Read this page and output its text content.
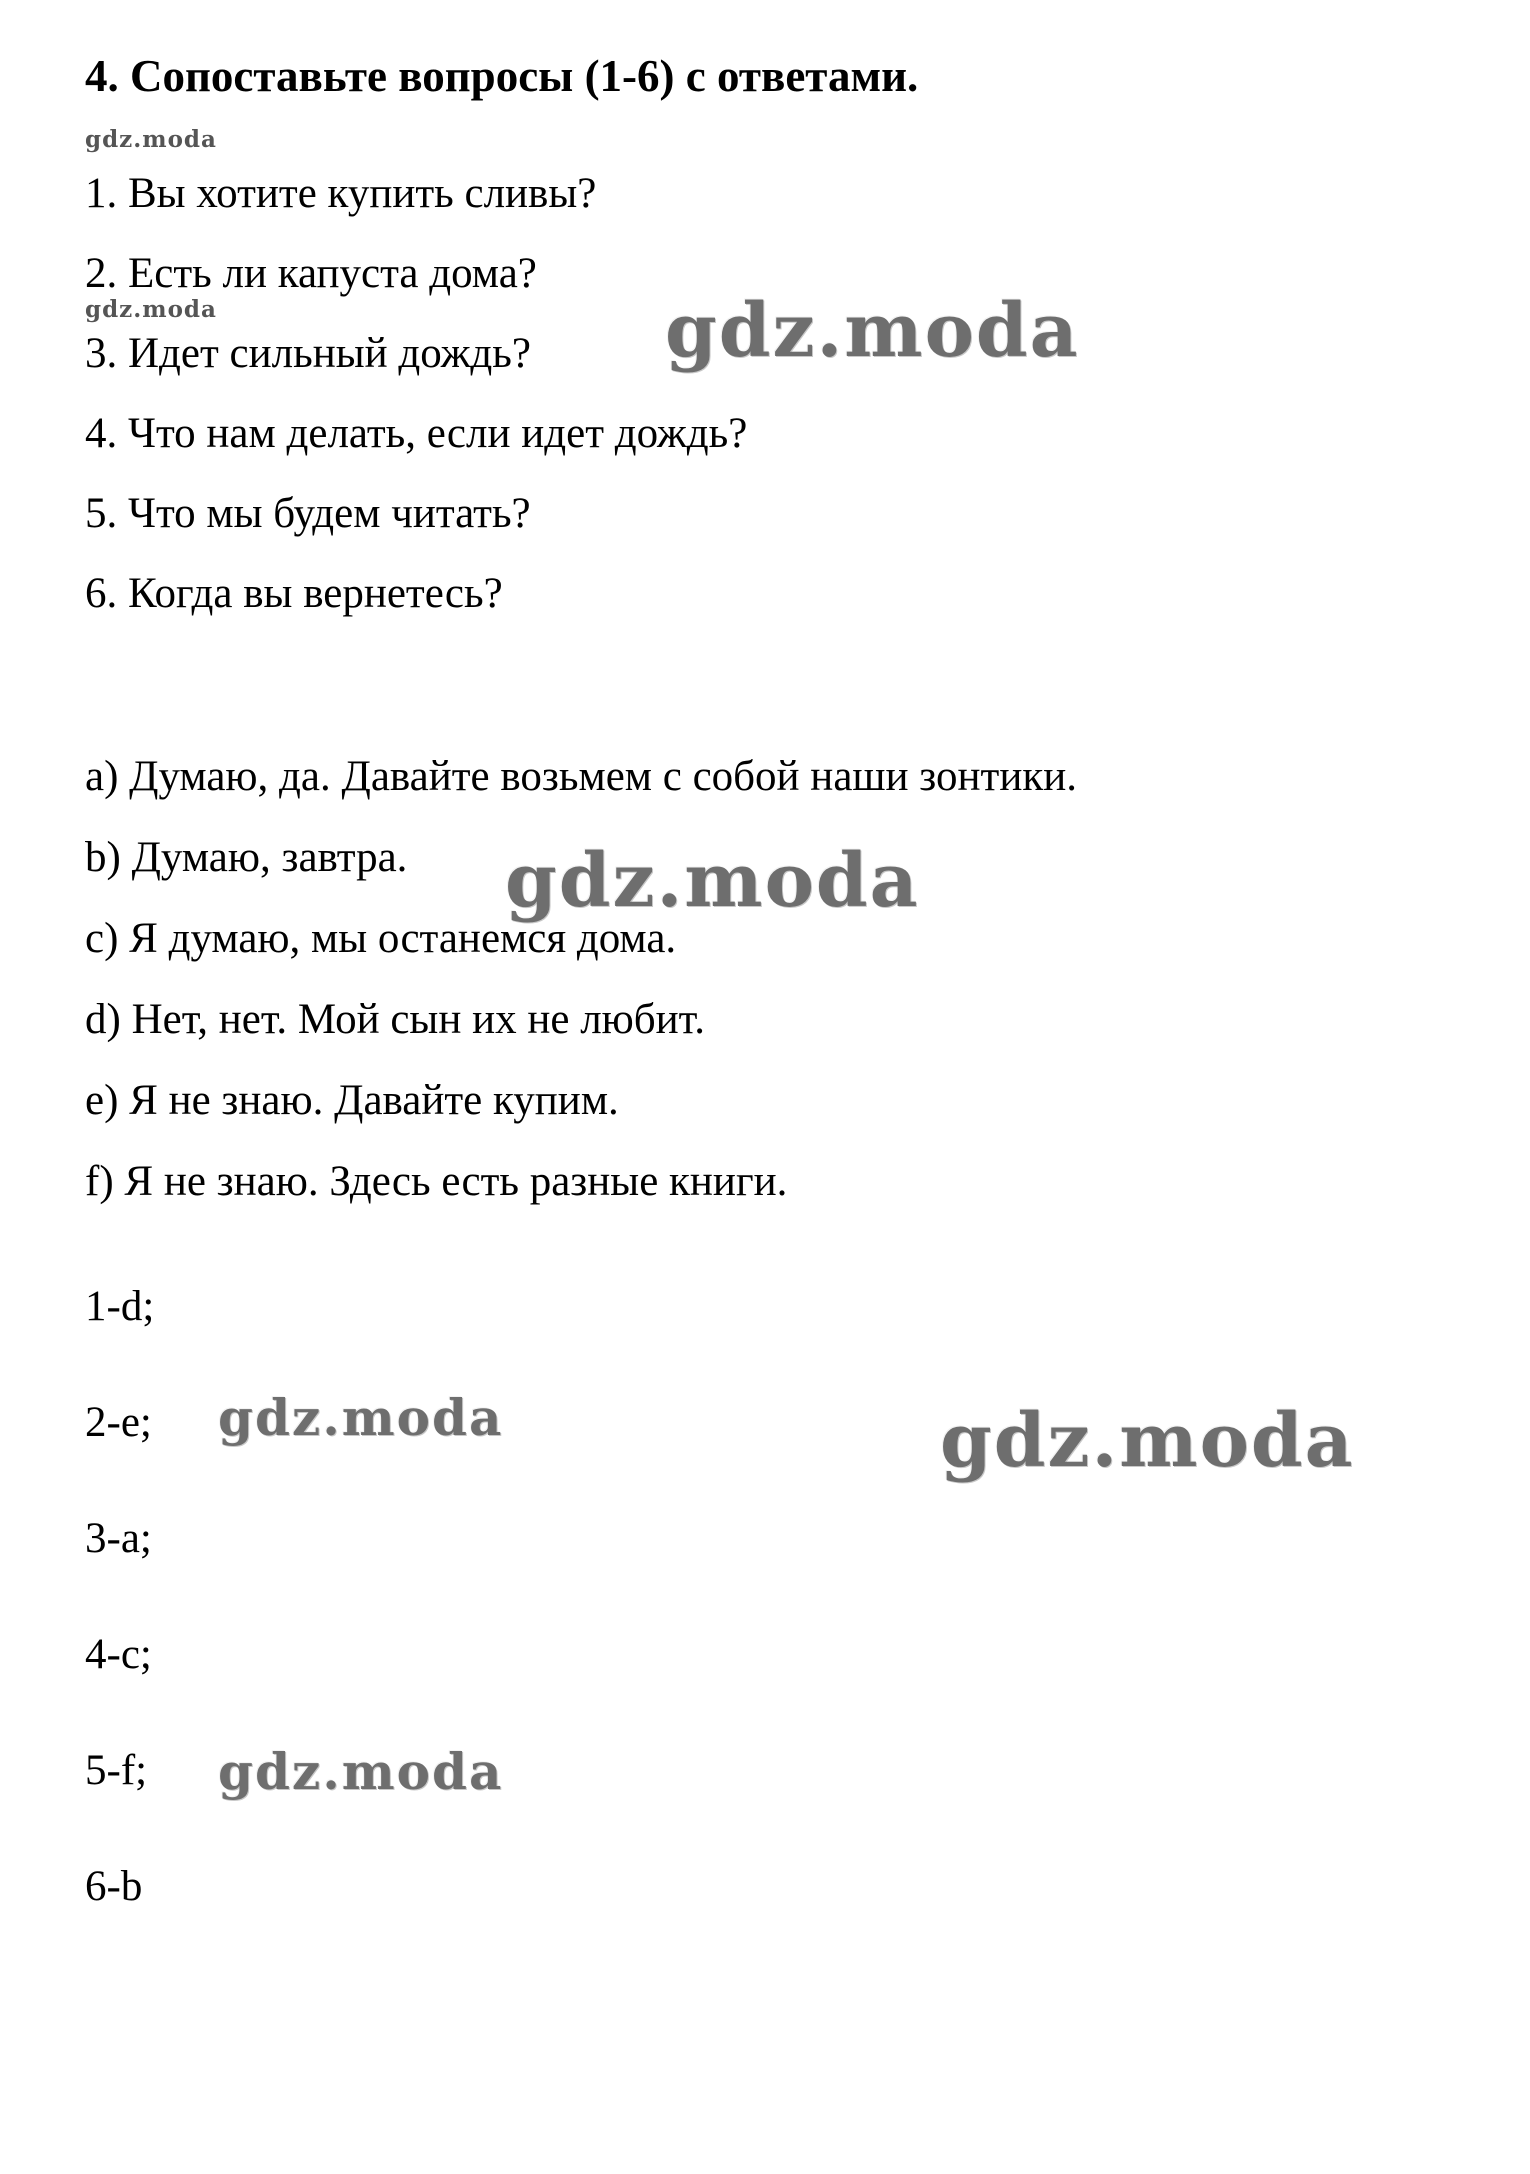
gdz.moda
gdz.moda	gdz.moda
gdz.moda
gdz.moda	gdz.moda
gdz.moda
4. Сопоставьте вопросы (1-6) с ответами.

1. Вы хотите купить сливы?

2. Есть ли капуста дома?

3. Идет сильный дождь?

4. Что нам делать, если идет дождь?

5. Что мы будем читать?

6. Когда вы вернетесь?

a) Думаю, да. Давайте возьмем с собой наши зонтики.

b) Думаю, завтра.

c) Я думаю, мы останемся дома.

d) Нет, нет. Мой сын их не любит.

e) Я не знаю. Давайте купим.

f) Я не знаю. Здесь есть разные книги.

1-d;

2-e;

3-a;

4-c;

5-f;

6-b
